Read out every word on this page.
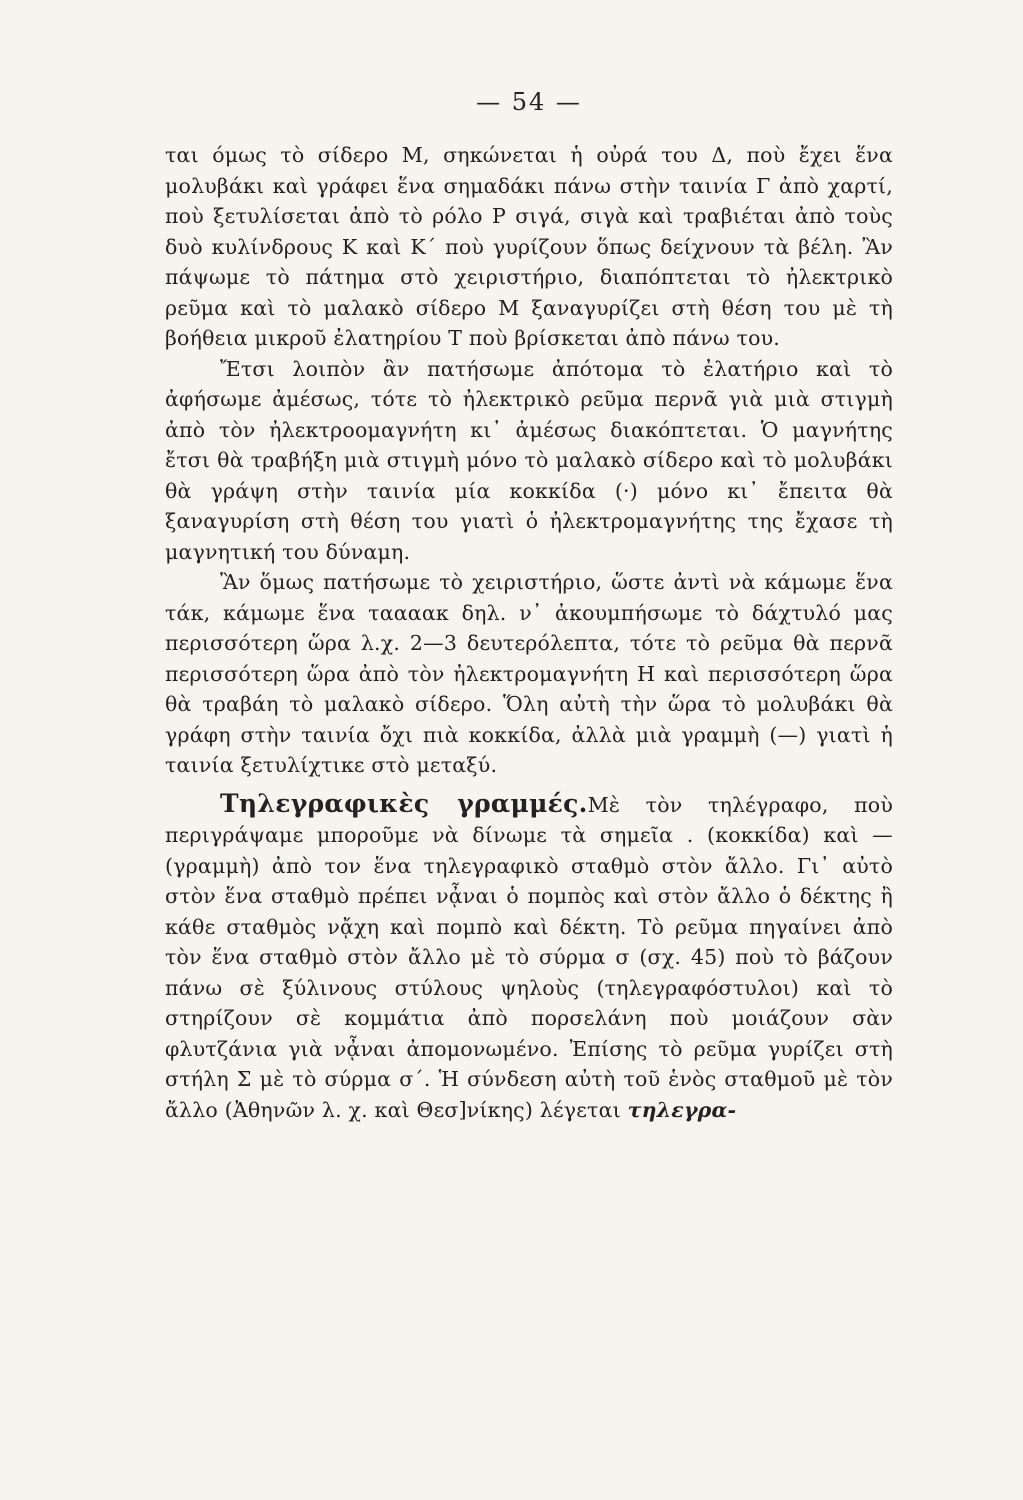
— 54 —

ται όμως τὸ σίδερο Μ, σηκώνεται ἡ οὐρά του Δ, ποὺ ἔχει ἕνα μολυβάκι καὶ γράφει ἕνα σημαδάκι πάνω στὴν ταινία Γ ἀπὸ χαρτί, ποὺ ξετυλίσεται ἀπὸ τὸ ρόλο Ρ σιγά, σιγὰ καὶ τραβιέται ἀπὸ τοὺς δυὸ κυλίνδρους Κ καὶ Κ΄ ποὺ γυρίζουν ὅπως δείχνουν τὰ βέλη. Ἂν πάψωμε τὸ πάτημα στὸ χειριστήριο, διαπόπτεται τὸ ἠλεκτρικὸ ρεῦμα καὶ τὸ μαλακὸ σίδερο Μ ξαναγυρίζει στὴ θέση του μὲ τὴ βοήθεια μικροῦ ἐλατηρίου Τ ποὺ βρίσκεται ἀπὸ πάνω του.

Ἔτσι λοιπὸν ἂν πατήσωμε ἀπότομα τὸ ἐλατήριο καὶ τὸ ἀφήσωμε ἀμέσως, τότε τὸ ἠλεκτρικὸ ρεῦμα περνᾶ γιὰ μιὰ στιγμὴ ἀπὸ τὸν ἠλεκτροομαγνήτη κι᾽ ἀμέσως διακόπτεται. Ὁ μαγνήτης ἔτσι θὰ τραβήξη μιὰ στιγμὴ μόνο τὸ μαλακὸ σίδερο καὶ τὸ μολυβάκι θὰ γράψη στὴν ταινία μία κοκκίδα (·) μόνο κι᾽ ἔπειτα θὰ ξαναγυρίση στὴ θέση του γιατὶ ὁ ἠλεκτρομαγνήτης της ἔχασε τὴ μαγνητική του δύναμη.

Ἂν ὅμως πατήσωμε τὸ χειριστήριο, ὥστε ἀντὶ νὰ κάμωμε ἕνα τάκ, κάμωμε ἕνα ταααακ δηλ. ν᾽ ἀκουμπήσωμε τὸ δάχτυλό μας περισσότερη ὥρα λ.χ. 2—3 δευτερόλεπτα, τότε τὸ ρεῦμα θὰ περνᾶ περισσότερη ὥρα ἀπὸ τὸν ἠλεκτρομαγνήτη Η καὶ περισσότερη ὥρα θὰ τραβάη τὸ μαλακὸ σίδερο. Ὅλη αὐτὴ τὴν ὥρα τὸ μολυβάκι θὰ γράφη στὴν ταινία ὄχι πιὰ κοκκίδα, ἀλλὰ μιὰ γραμμὴ (—) γιατὶ ἡ ταινία ξετυλίχτικε στὸ μεταξύ.

Τηλεγραφικὲς γραμμές.Μὲ τὸν τηλέγραφο, ποὺ περιγράψαμε μποροῦμε νὰ δίνωμε τὰ σημεῖα . (κοκκίδα) καὶ — (γραμμὴ) ἀπὸ τον ἕνα τηλεγραφικὸ σταθμὸ στὸν ἄλλο. Γι᾽ αὐτὸ στὸν ἕνα σταθμὸ πρέπει νᾆναι ὁ πομπὸς καὶ στὸν ἄλλο ὁ δέκτης ἢ κάθε σταθμὸς νᾄχη καὶ πομπὸ καὶ δέκτη. Τὸ ρεῦμα πηγαίνει ἀπὸ τὸν ἕνα σταθμὸ στὸν ἄλλο μὲ τὸ σύρμα σ (σχ. 45) ποὺ τὸ βάζουν πάνω σὲ ξύλινους στύλους ψηλοὺς (τηλεγραφόστυλοι) καὶ τὸ στηρίζουν σὲ κομμάτια ἀπὸ πορσελάνη ποὺ μοιάζουν σὰν φλυτζάνια γιὰ νᾆναι ἀπομονωμένο. Ἐπίσης τὸ ρεῦμα γυρίζει στὴ στήλη Σ μὲ τὸ σύρμα σ΄. Ἡ σύνδεση αὐτὴ τοῦ ἑνὸς σταθμοῦ μὲ τὸν ἄλλο (Ἀθηνῶν λ. χ. καὶ Θεσ]νίκης) λέγεται τηλεγρα-
